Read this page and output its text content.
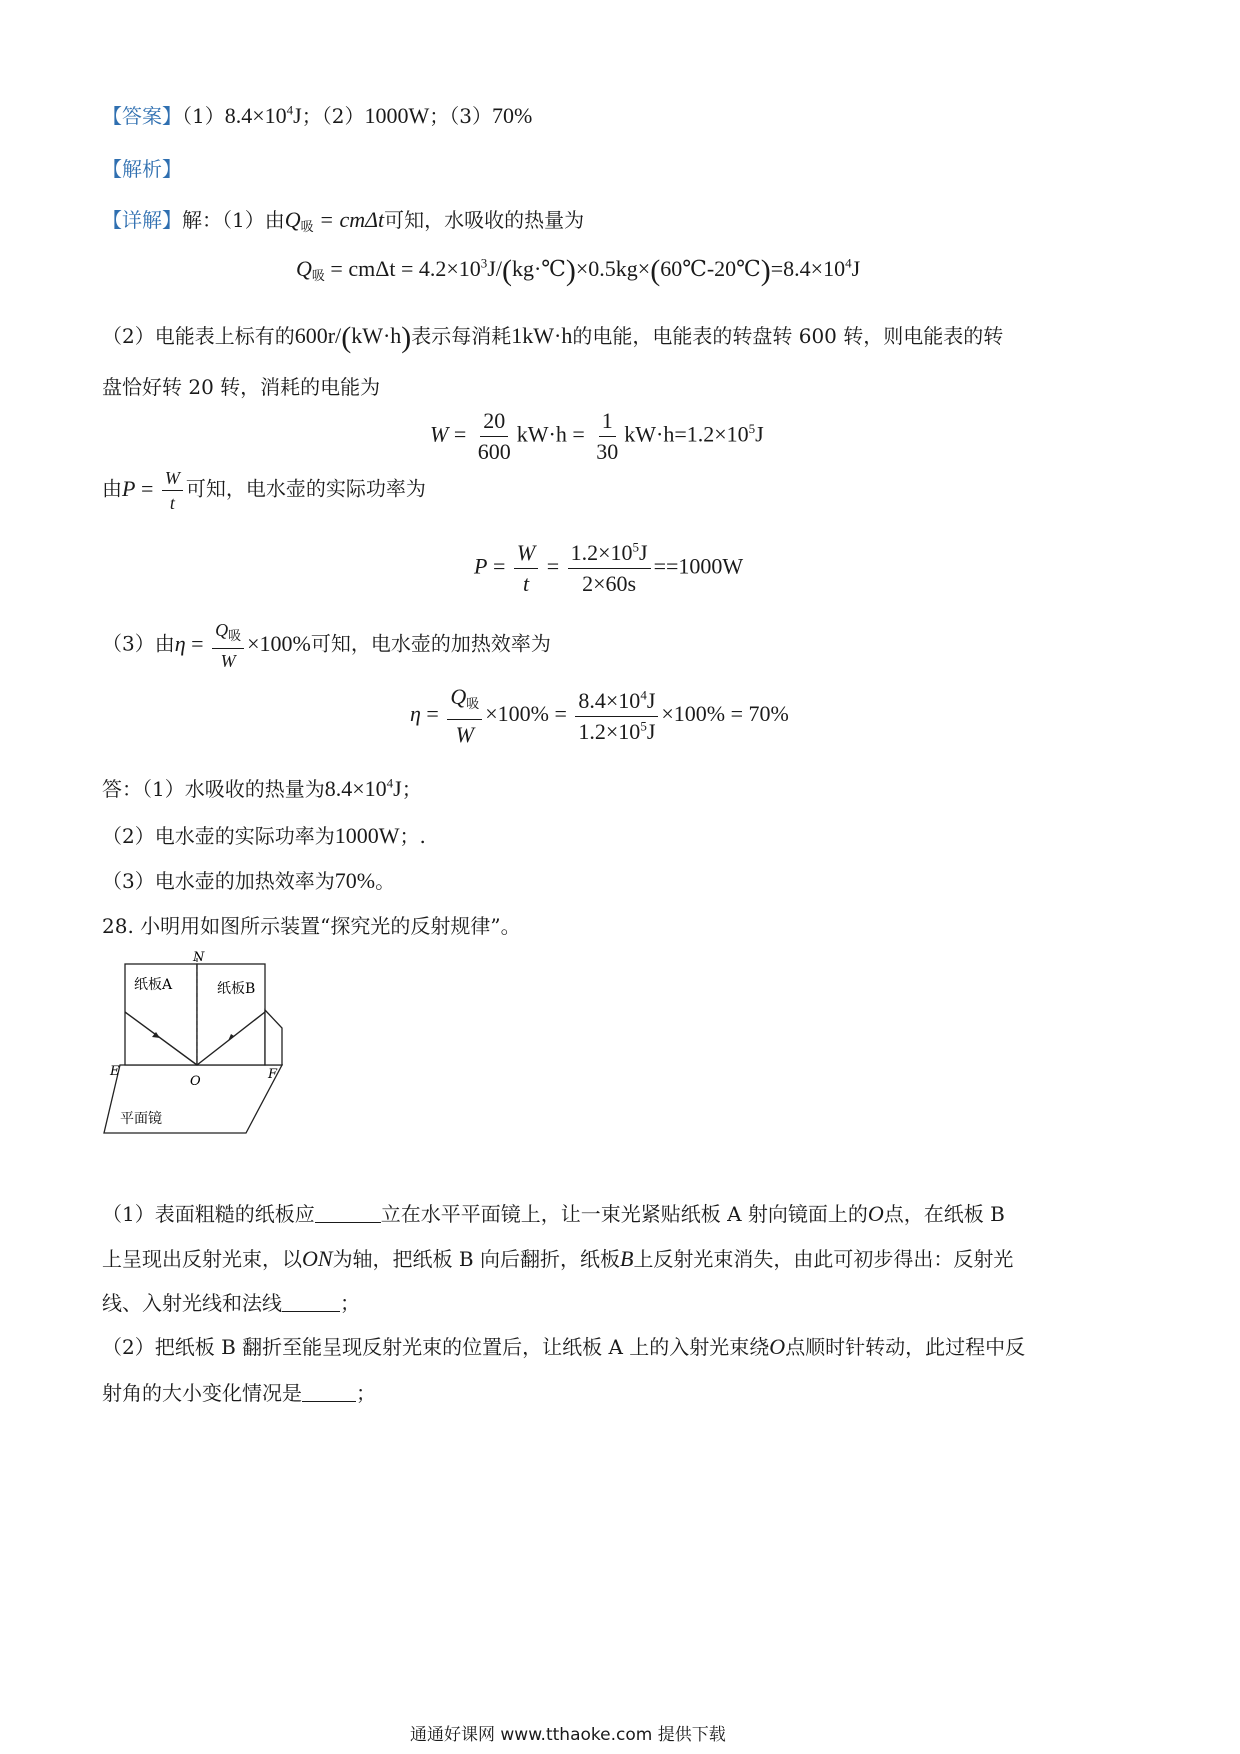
【答案】$(1)8.4\times 10^4J$；（2）1000W；（3）70%
【解析】
【详解】解：（1）由$Q_吸 = cm\Delta t$可知，水吸收的热量为
$Q_吸 = cm\Delta t$ = $4.2\times 10^3J/(kg\cdot℃)\times 0.5kg\times(60℃-20℃)=8.4\times 10^4J$
（2）电能表上标有的600r/(kW·h)表示每消耗1kW·h的电能，电能表的转盘转 600 转，则电能表的转
盘恰好转 20 转，消耗的电能为
$W = \frac{20}{600} kW\cdot h = \frac{1}{30} kW\cdot h=1.2\times 10^5J$
由$P = \frac{W}{t}$ 可知，电水壶的实际功率为
$P = \frac{W}{t} = \frac{1.2\times 10^5J}{2\times 60s} ==1000W$
（3）由$\eta = \frac{Q_吸}{W} \times 100\%$可知，电水壶的加热效率为
$\eta = \frac{Q_吸}{W} \times 100\% = \frac{8.4\times 10^4J}{1.2\times 10^5J} \times 100\% = 70\%$
答：（1）水吸收的热量为$8.4\times 10^4J$；
（2）电水壶的实际功率为1000W；.
（3）电水壶的加热效率为70%。
28. 小明用如图所示装置“探究光的反射规律”。
N
纸板A	纸板B
E
O	F
平面镜
（1）表面粗糙的纸板应	立在水平平面镜上，让一束光紧贴纸板 A 射向镜面上的O点，在纸板 B
上呈现出反射光束，以ON为轴，把纸板 B 向后翻折，纸板B上反射光束消失，由此可初步得出：反射光
线、入射光线和法线	；
（2）把纸板 B 翻折至能呈现反射光束的位置后，让纸板 A 上的入射光束绕O点顺时针转动，此过程中反
射角的大小变化情况是	；
通通好课网 www.tthaoke.com 提供下载
